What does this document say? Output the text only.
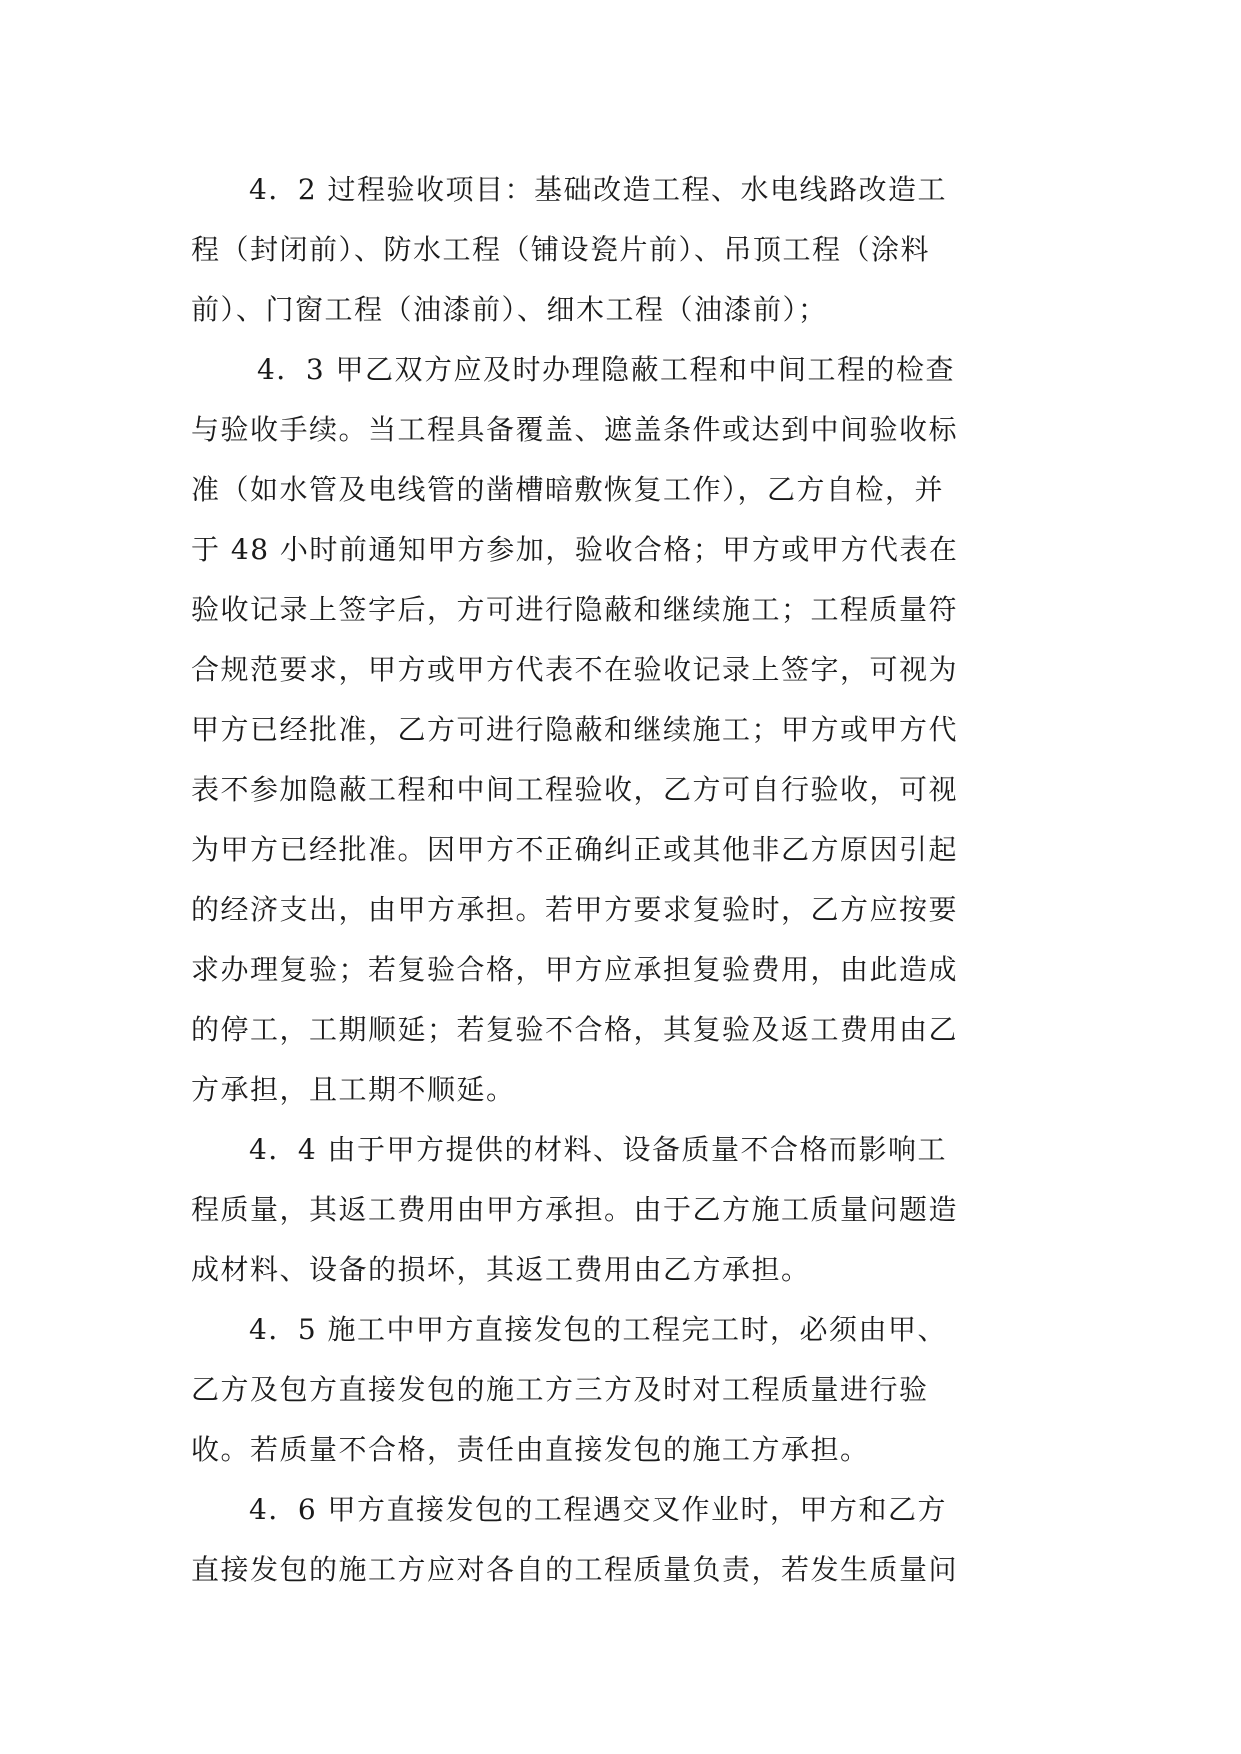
4．2 过程验收项目：基础改造工程、水电线路改造工
程（封闭前）、防水工程（铺设瓷片前）、吊顶工程（涂料
前）、门窗工程（油漆前）、细木工程（油漆前）；

4．3 甲乙双方应及时办理隐蔽工程和中间工程的检查
与验收手续。当工程具备覆盖、遮盖条件或达到中间验收标
准（如水管及电线管的凿槽暗敷恢复工作），乙方自检，并
于 48 小时前通知甲方参加，验收合格；甲方或甲方代表在
验收记录上签字后，方可进行隐蔽和继续施工；工程质量符
合规范要求，甲方或甲方代表不在验收记录上签字，可视为
甲方已经批准，乙方可进行隐蔽和继续施工；甲方或甲方代
表不参加隐蔽工程和中间工程验收，乙方可自行验收，可视
为甲方已经批准。因甲方不正确纠正或其他非乙方原因引起
的经济支出，由甲方承担。若甲方要求复验时，乙方应按要
求办理复验；若复验合格，甲方应承担复验费用，由此造成
的停工，工期顺延；若复验不合格，其复验及返工费用由乙
方承担，且工期不顺延。

4．4 由于甲方提供的材料、设备质量不合格而影响工
程质量，其返工费用由甲方承担。由于乙方施工质量问题造
成材料、设备的损坏，其返工费用由乙方承担。

4．5 施工中甲方直接发包的工程完工时，必须由甲、
乙方及包方直接发包的施工方三方及时对工程质量进行验
收。若质量不合格，责任由直接发包的施工方承担。

4．6 甲方直接发包的工程遇交叉作业时，甲方和乙方
直接发包的施工方应对各自的工程质量负责，若发生质量问
